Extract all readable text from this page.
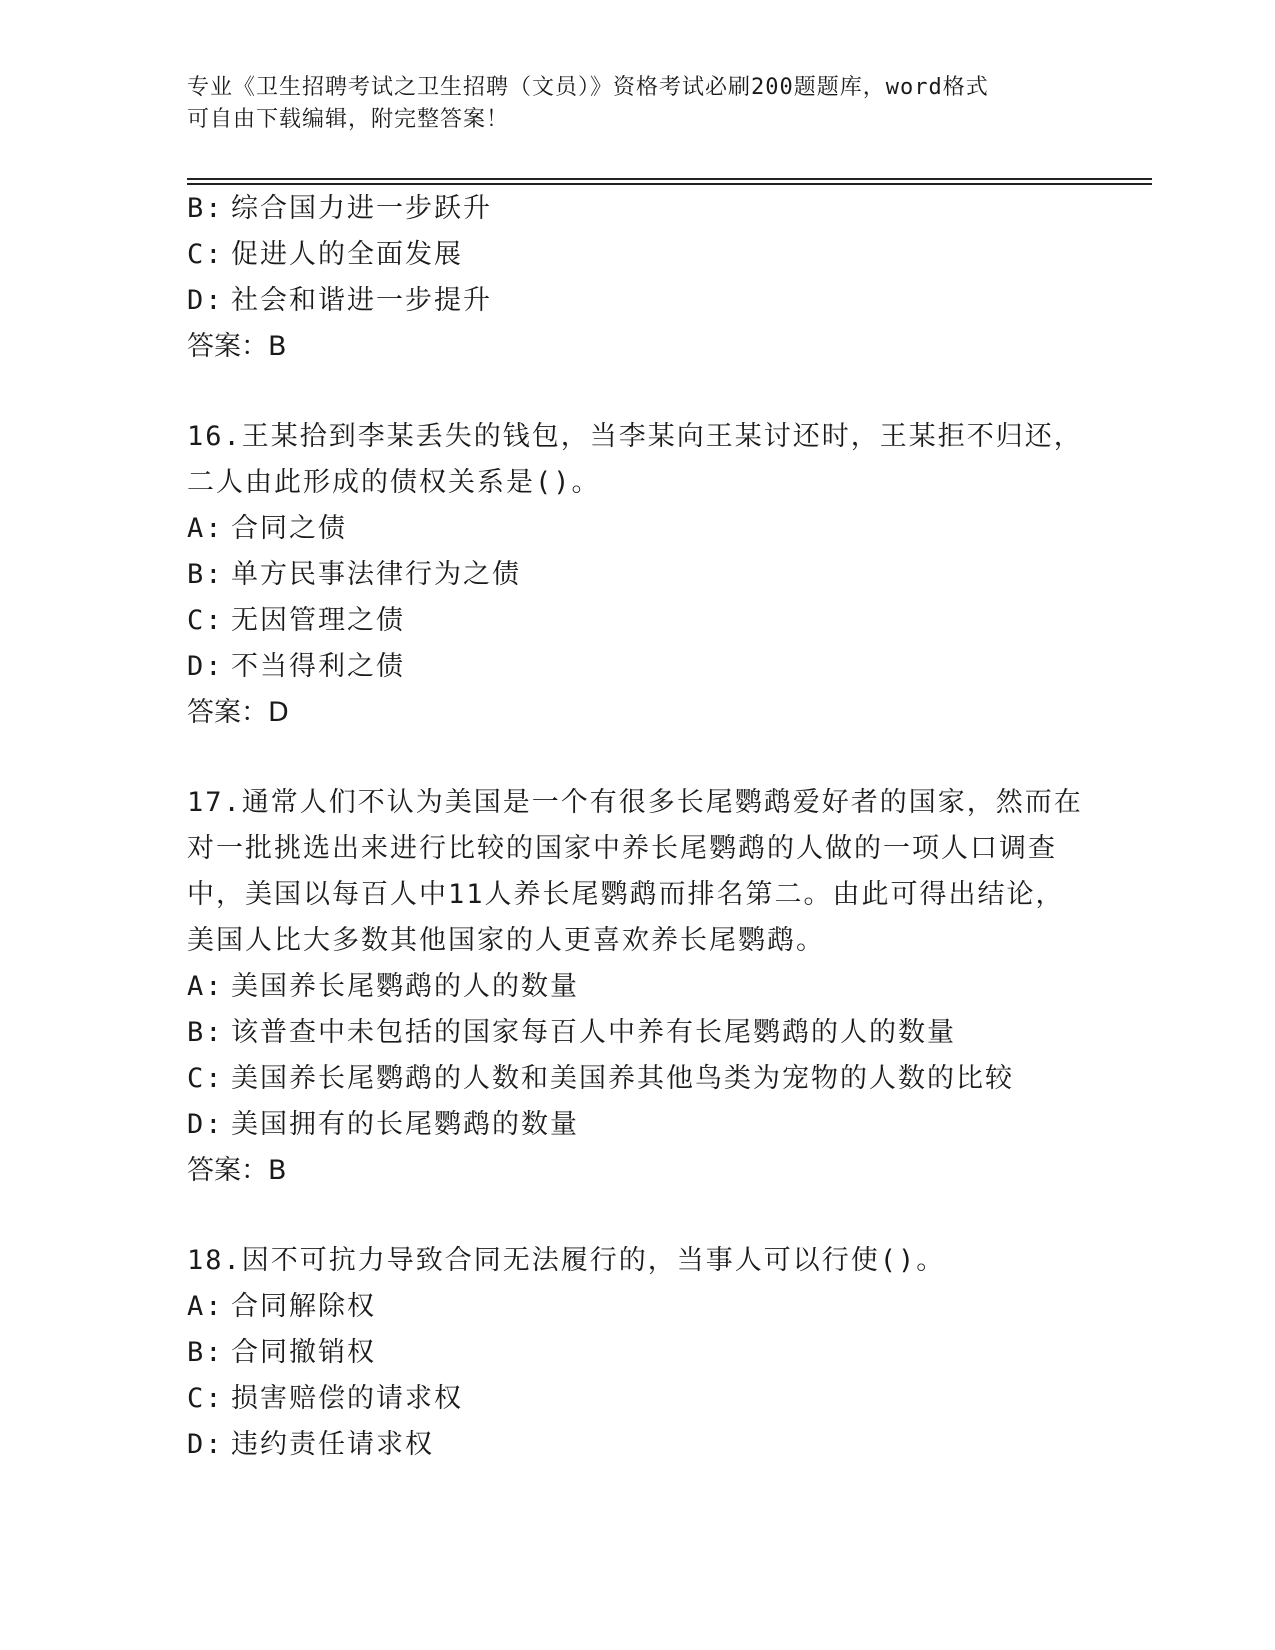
专业《卫生招聘考试之卫生招聘（文员）》资格考试必刷200题题库，word格式
可自由下载编辑，附完整答案！
B: 综合国力进一步跃升
C: 促进人的全面发展
D: 社会和谐进一步提升
答案：B
16.王某拾到李某丢失的钱包，当李某向王某讨还时，王某拒不归还，
二人由此形成的债权关系是()。
A: 合同之债
B: 单方民事法律行为之债
C: 无因管理之债
D: 不当得利之债
答案：D
17.通常人们不认为美国是一个有很多长尾鹦鹉爱好者的国家，然而在
对一批挑选出来进行比较的国家中养长尾鹦鹉的人做的一项人口调查
中，美国以每百人中11人养长尾鹦鹉而排名第二。由此可得出结论，
美国人比大多数其他国家的人更喜欢养长尾鹦鹉。
A: 美国养长尾鹦鹉的人的数量
B: 该普查中未包括的国家每百人中养有长尾鹦鹉的人的数量
C: 美国养长尾鹦鹉的人数和美国养其他鸟类为宠物的人数的比较
D: 美国拥有的长尾鹦鹉的数量
答案：B
18.因不可抗力导致合同无法履行的，当事人可以行使()。
A: 合同解除权
B: 合同撤销权
C: 损害赔偿的请求权
D: 违约责任请求权
